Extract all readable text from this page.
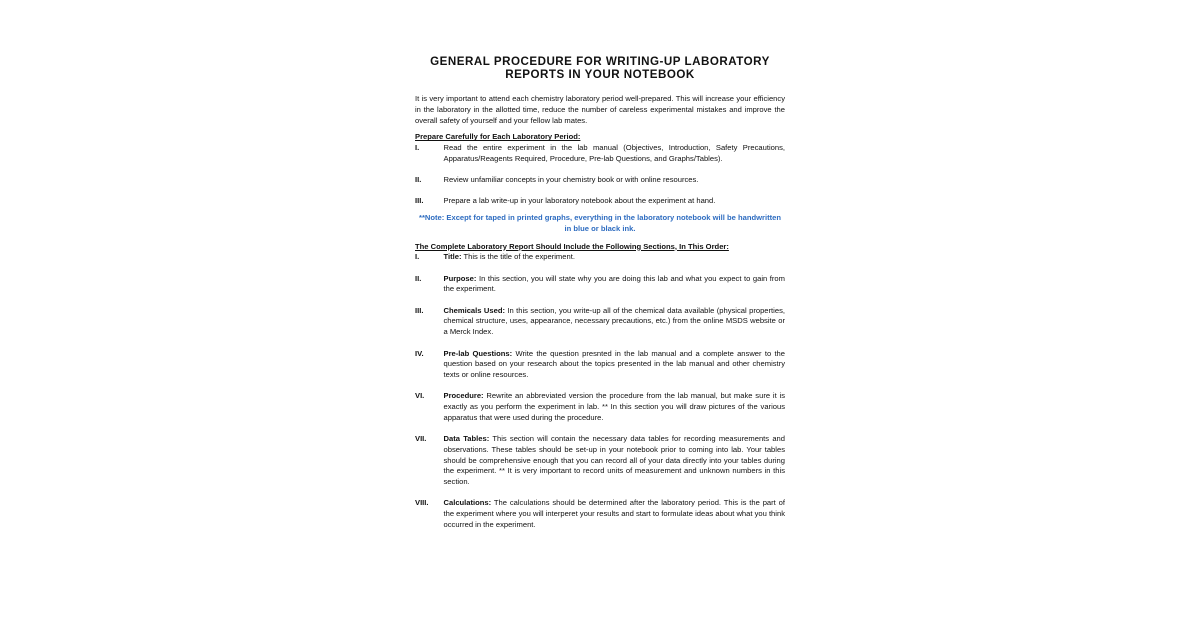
GENERAL PROCEDURE FOR WRITING-UP LABORATORY REPORTS IN YOUR NOTEBOOK
It is very important to attend each chemistry laboratory period well-prepared. This will increase your efficiency in the laboratory in the allotted time, reduce the number of careless experimental mistakes and improve the overall safety of yourself and your fellow lab mates.
Prepare Carefully for Each Laboratory Period:
I.	Read the entire experiment in the lab manual (Objectives, Introduction, Safety Precautions, Apparatus/Reagents Required, Procedure, Pre-lab Questions, and Graphs/Tables).
II.	Review unfamiliar concepts in your chemistry book or with online resources.
III.	Prepare a lab write-up in your laboratory notebook about the experiment at hand.
**Note: Except for taped in printed graphs, everything in the laboratory notebook will be handwritten in blue or black ink.
The Complete Laboratory Report Should Include the Following Sections, In This Order:
I.	Title: This is the title of the experiment.
II.	Purpose: In this section, you will state why you are doing this lab and what you expect to gain from the experiment.
III.	Chemicals Used: In this section, you write-up all of the chemical data available (physical properties, chemical structure, uses, appearance, necessary precautions, etc.) from the online MSDS website or a Merck Index.
IV.	Pre-lab Questions: Write the question presnted in the lab manual and a complete answer to the question based on your research about the topics presented in the lab manual and other chemistry texts or online resources.
VI.	Procedure: Rewrite an abbreviated version the procedure from the lab manual, but make sure it is exactly as you perform the experiment in lab. ** In this section you will draw pictures of the various apparatus that were used during the procedure.
VII.	Data Tables: This section will contain the necessary data tables for recording measurements and observations. These tables should be set-up in your notebook prior to coming into lab. Your tables should be comprehensive enough that you can record all of your data directly into your tables during the experiment. ** It is very important to record units of measurement and unknown numbers in this section.
VIII.	Calculations: The calculations should be determined after the laboratory period. This is the part of the experiment where you will interperet your results and start to formulate ideas about what you think occurred in the experiment.
